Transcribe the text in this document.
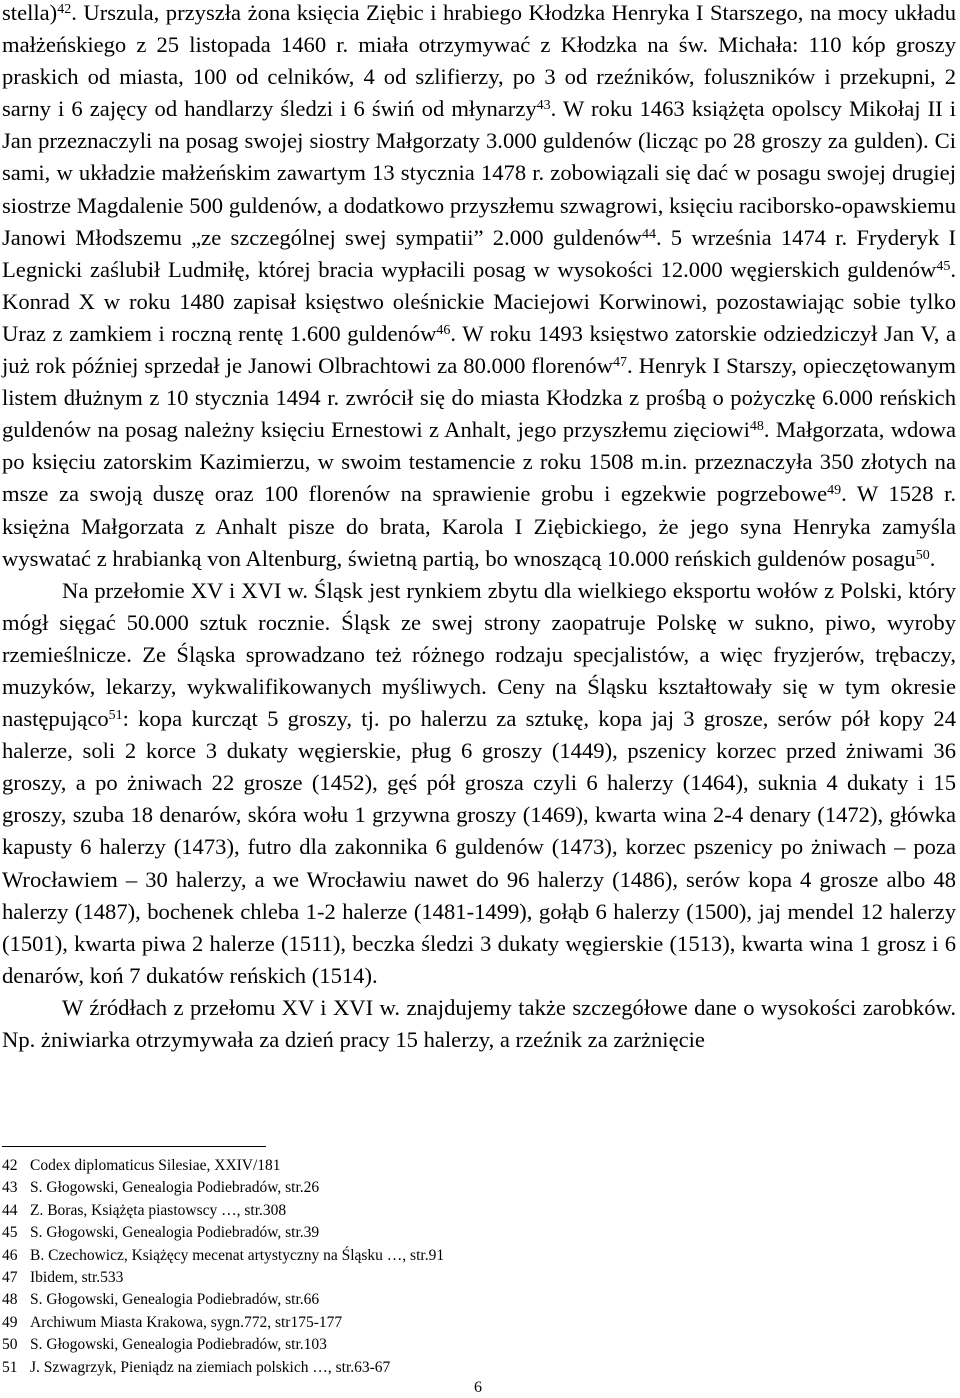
stella)$^{42}$. Urszula, przyszła żona księcia Ziębic i hrabiego Kłodzka Henryka I Starszego, na mocy układu małżeńskiego z 25 listopada 1460 r. miała otrzymywać z Kłodzka na św. Michała: 110 kóp groszy praskich od miasta, 100 od celników, 4 od szlifierzy, po 3 od rzeźników, foluszników i przekupni, 2 sarny i 6 zajęcy od handlarzy śledzi i 6 świń od młynarzy$^{43}$. W roku 1463 książęta opolscy Mikołaj II i Jan przeznaczyli na posag swojej siostry Małgorzaty 3.000 guldenów (licząc po 28 groszy za gulden). Ci sami, w układzie małżeńskim zawartym 13 stycznia 1478 r. zobowiązali się dać w posagu swojej drugiej siostrze Magdalenie 500 guldenów, a dodatkowo przyszłemu szwagrowi, księciu raciborsko-opawskiemu Janowi Młodszemu „ze szczególnej swej sympatii” 2.000 guldenów$^{44}$. 5 września 1474 r. Fryderyk I Legnicki zaślubił Ludmiłę, której bracia wypłacili posag w wysokości 12.000 węgierskich guldenów$^{45}$. Konrad X w roku 1480 zapisał księstwo oleśnickie Maciejowi Korwinowi, pozostawiając sobie tylko Uraz z zamkiem i roczną rentę 1.600 guldenów$^{46}$. W roku 1493 księstwo zatorskie odziedziczył Jan V, a już rok później sprzedał je Janowi Olbrachtowi za 80.000 florenów$^{47}$. Henryk I Starszy, opieczętowanym listem dłużnym z 10 stycznia 1494 r. zwrócił się do miasta Kłodzka z prośbą o pożyczkę 6.000 reńskich guldenów na posag należny księciu Ernestowi z Anhalt, jego przyszłemu zięciowi$^{48}$. Małgorzata, wdowa po księciu zatorskim Kazimierzu, w swoim testamencie z roku 1508 m.in. przeznaczyła 350 złotych na msze za swoją duszę oraz 100 florenów na sprawienie grobu i egzekwie pogrzebowe$^{49}$. W 1528 r. księżna Małgorzata z Anhalt pisze do brata, Karola I Ziębickiego, że jego syna Henryka zamyśla wyswatać z hrabianką von Altenburg, świetną partią, bo wnoszącą 10.000 reńskich guldenów posagu$^{50}$.

Na przełomie XV i XVI w. Śląsk jest rynkiem zbytu dla wielkiego eksportu wołów z Polski, który mógł sięgać 50.000 sztuk rocznie. Śląsk ze swej strony zaopatruje Polskę w sukno, piwo, wyroby rzemieślnicze. Ze Śląska sprowadzano też różnego rodzaju specjalistów, a więc fryzjerów, trębaczy, muzyków, lekarzy, wykwalifikowanych myśliwych. Ceny na Śląsku kształtowały się w tym okresie następująco$^{51}$: kopa kurcząt 5 groszy, tj. po halerzu za sztukę, kopa jaj 3 grosze, serów pół kopy 24 halerze, soli 2 korce 3 dukaty węgierskie, pług 6 groszy (1449), pszenicy korzec przed żniwami 36 groszy, a po żniwach 22 grosze (1452), gęś pół grosza czyli 6 halerzy (1464), suknia 4 dukaty i 15 groszy, szuba 18 denarów, skóra wołu 1 grzywna groszy (1469), kwarta wina 2-4 denary (1472), główka kapusty 6 halerzy (1473), futro dla zakonnika 6 guldenów (1473), korzec pszenicy po żniwach – poza Wrocławiem – 30 halerzy, a we Wrocławiu nawet do 96 halerzy (1486), serów kopa 4 grosze albo 48 halerzy (1487), bochenek chleba 1-2 halerze (1481-1499), gołąb 6 halerzy (1500), jaj mendel 12 halerzy (1501), kwarta piwa 2 halerze (1511), beczka śledzi 3 dukaty węgierskie (1513), kwarta wina 1 grosz i 6 denarów, koń 7 dukatów reńskich (1514).

W źródłach z przełomu XV i XVI w. znajdujemy także szczegółowe dane o wysokości zarobków. Np. żniwiarka otrzymywała za dzień pracy 15 halerzy, a rzeźnik za zarżnięcie

42 Codex diplomaticus Silesiae, XXIV/181
43 S. Głogowski, Genealogia Podiebradów, str.26
44 Z. Boras, Książęta piastowscy …, str.308
45 S. Głogowski, Genealogia Podiebradów, str.39
46 B. Czechowicz, Książęcy mecenat artystyczny na Śląsku …, str.91
47 Ibidem, str.533
48 S. Głogowski, Genealogia Podiebradów, str.66
49 Archiwum Miasta Krakowa, sygn.772, str175-177
50 S. Głogowski, Genealogia Podiebradów, str.103
51 J. Szwagrzyk, Pieniądz na ziemiach polskich …, str.63-67
6
